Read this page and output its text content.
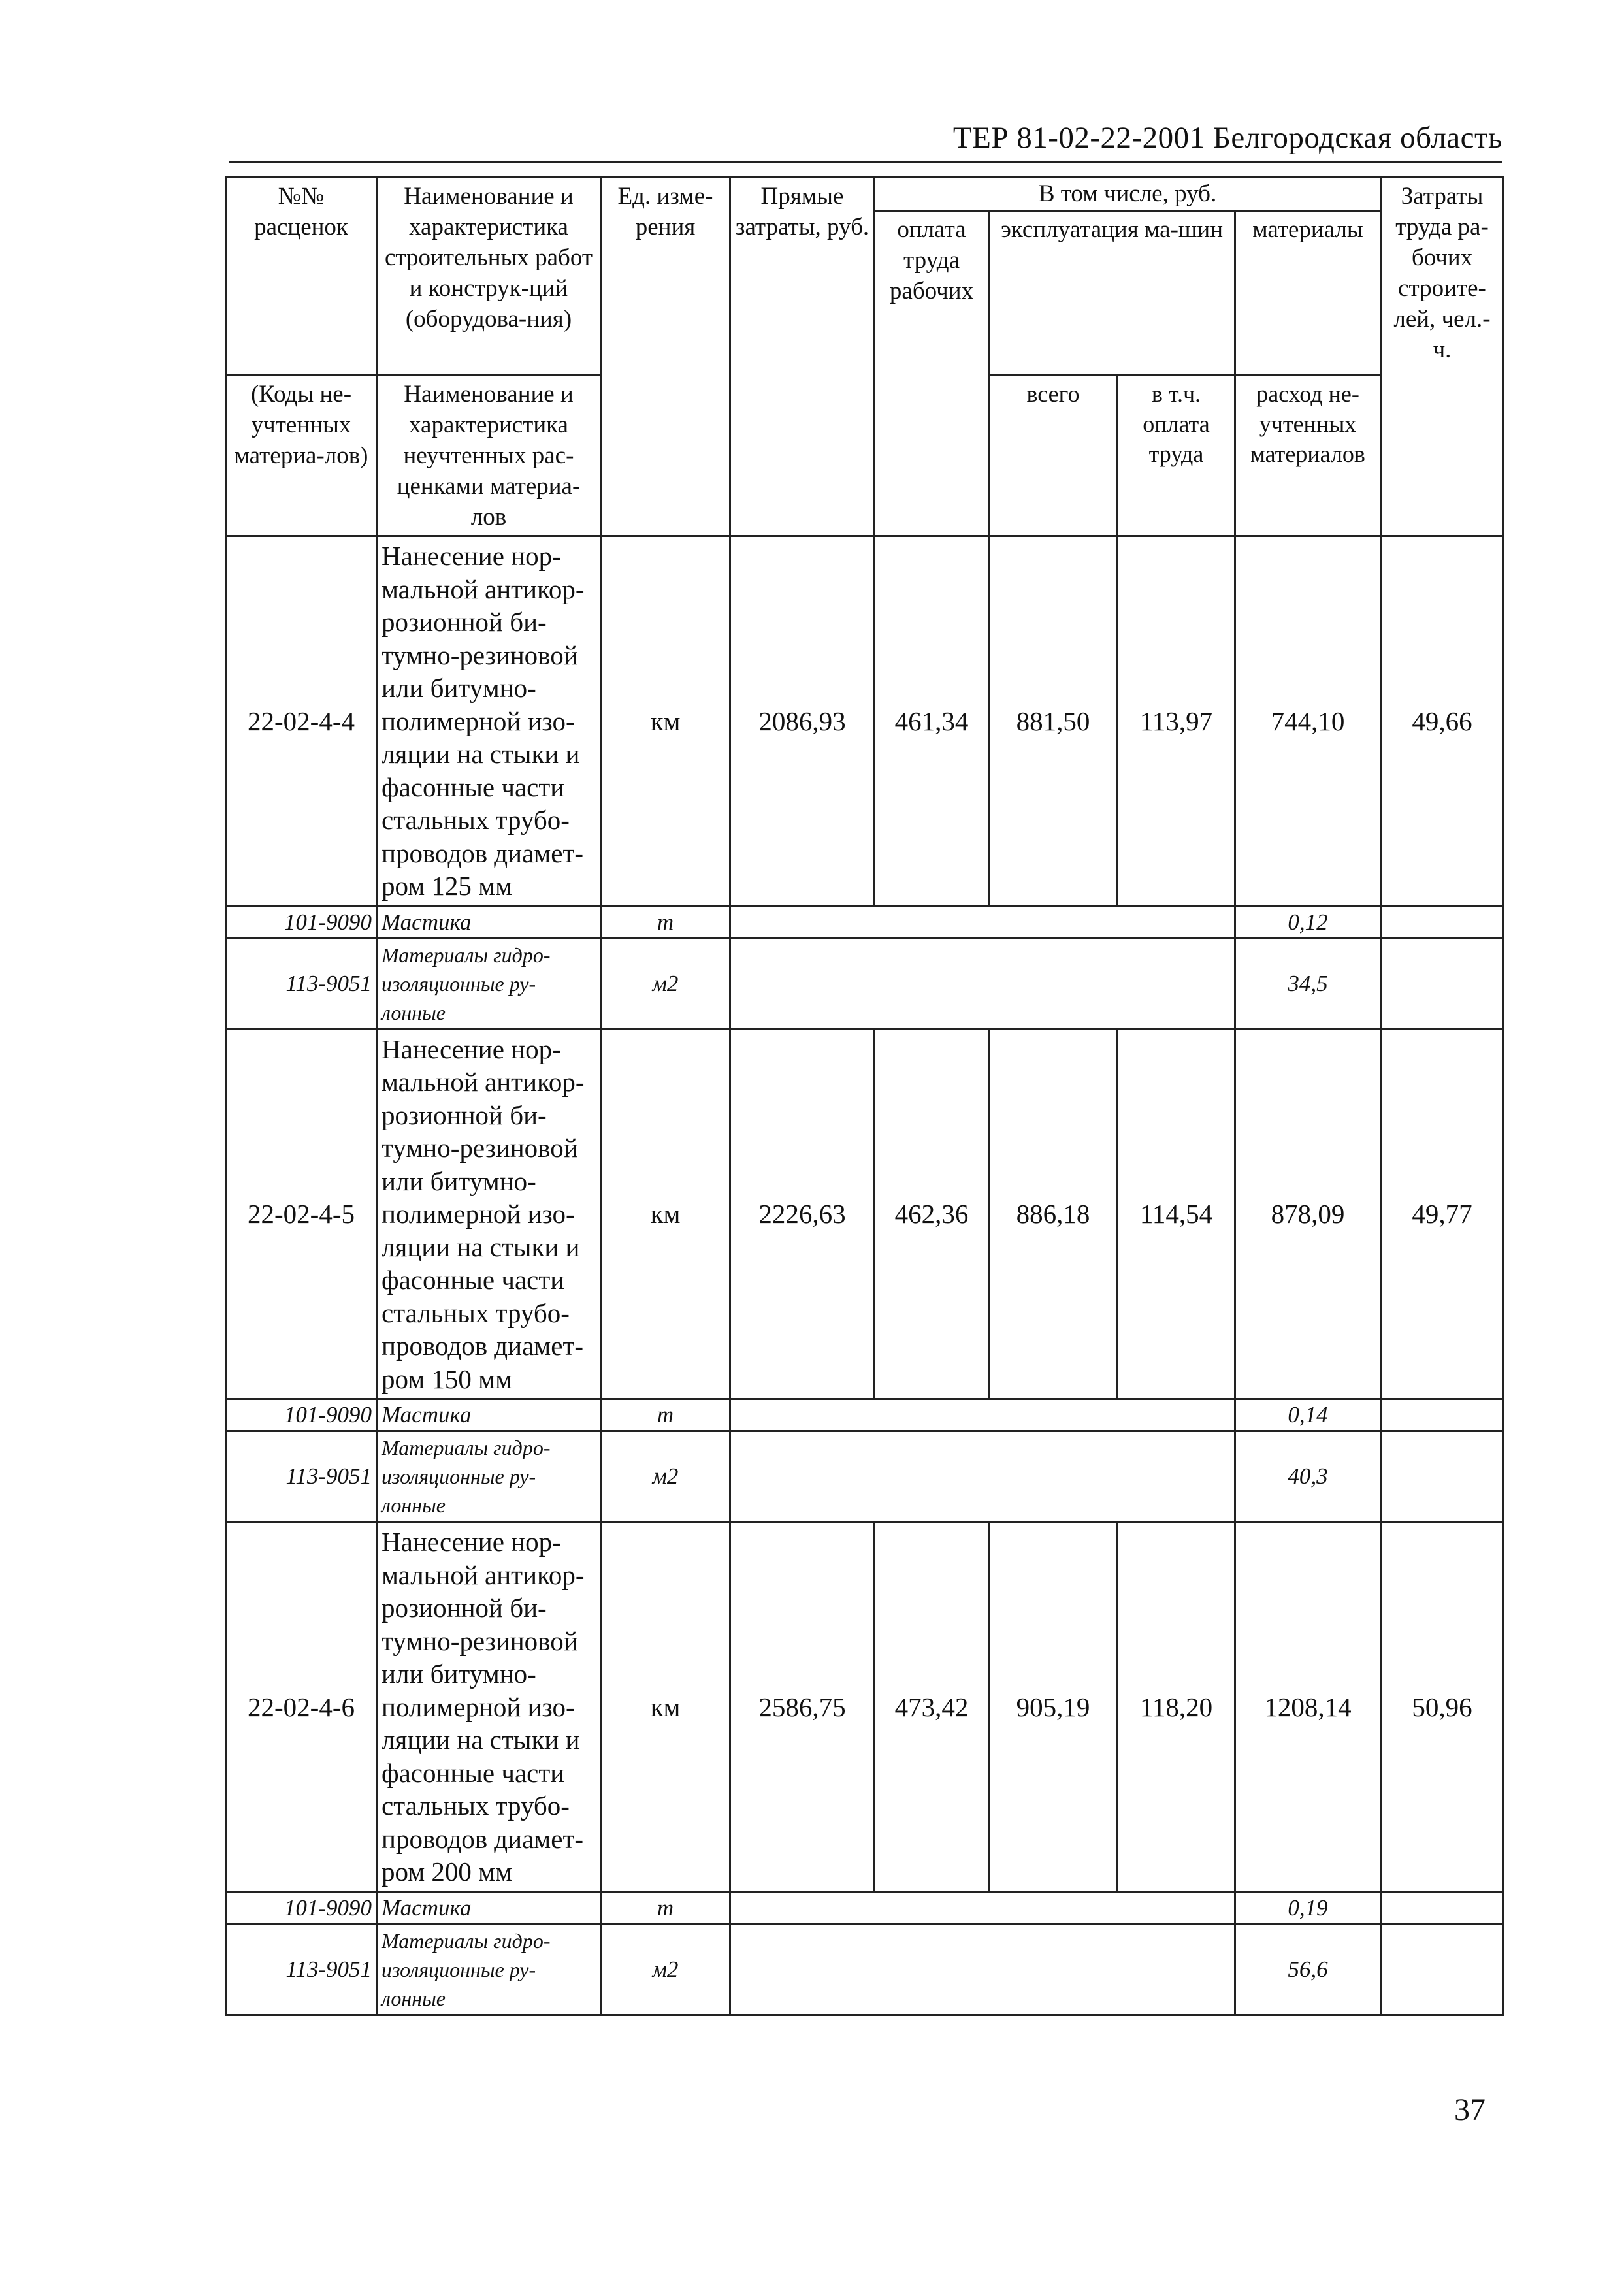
ТЕР 81-02-22-2001 Белгородская область
№№ расценок	Наименование и характеристика строительных работ и конструк-ций (оборудова-ния)	Ед. изме-рения	Прямые затраты, руб.	В том числе, руб.				Затраты труда ра-бочих строите-лей, чел.-ч.
				оплата труда рабочих	эксплуатация ма-шин		материалы	

(Коды не-учтенных материа-лов)	Наименование и характеристика неучтенных рас-ценками материа-лов				всего	в т.ч. оплата труда	расход не-учтенных материалов	
22-02-4-4	Нанесение нор-мальной антикор-розионной би-тумно-резиновой или битумно-полимерной изо-ляции на стыки и фасонные части стальных трубо-проводов диамет-ром 125 мм	км	2086,93	461,34	881,50	113,97	744,10	49,66
101-9090	Мастика	т					0,12	
113-9051	Материалы гидро-изоляционные ру-лонные	м2					34,5	
22-02-4-5	Нанесение нор-мальной антикор-розионной би-тумно-резиновой или битумно-полимерной изо-ляции на стыки и фасонные части стальных трубо-проводов диамет-ром 150 мм	км	2226,63	462,36	886,18	114,54	878,09	49,77
101-9090	Мастика	т					0,14	
113-9051	Материалы гидро-изоляционные ру-лонные	м2					40,3	
22-02-4-6	Нанесение нор-мальной антикор-розионной би-тумно-резиновой или битумно-полимерной изо-ляции на стыки и фасонные части стальных трубо-проводов диамет-ром 200 мм	км	2586,75	473,42	905,19	118,20	1208,14	50,96
101-9090	Мастика	т					0,19	
113-9051	Материалы гидро-изоляционные ру-лонные	м2					56,6	
37
